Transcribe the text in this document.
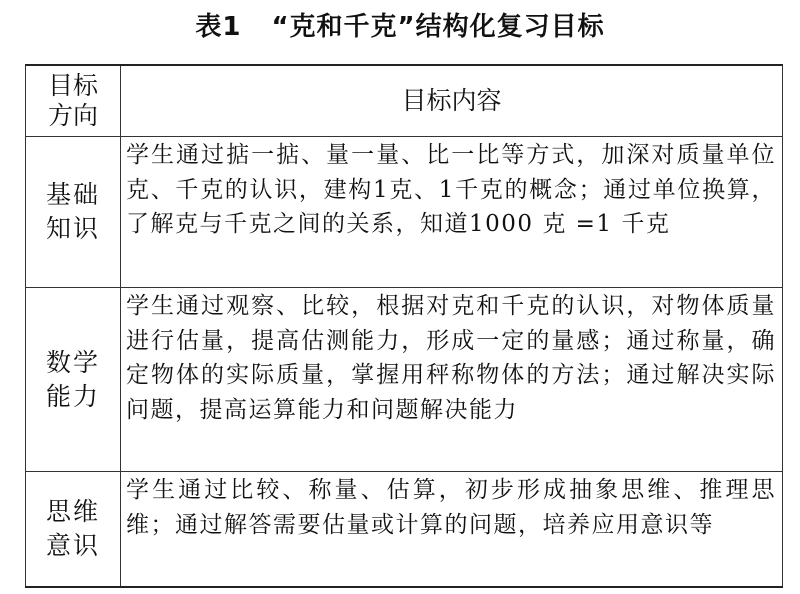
表1 “克和千克”结构化复习目标
目标
方向	目标内容

基础
知识	学生通过掂一掂、量一量、比一比等方式，加深对质量单位克、千克的认识，建构1克、1千克的概念；通过单位换算，了解克与千克之间的关系，知道1000 克 =1 千克

数学
能力	学生通过观察、比较，根据对克和千克的认识，对物体质量进行估量，提高估测能力，形成一定的量感；通过称量，确定物体的实际质量，掌握用秤称物体的方法；通过解决实际问题，提高运算能力和问题解决能力

思维
意识	学生通过比较、称量、估算，初步形成抽象思维、推理思维；通过解答需要估量或计算的问题，培养应用意识等
